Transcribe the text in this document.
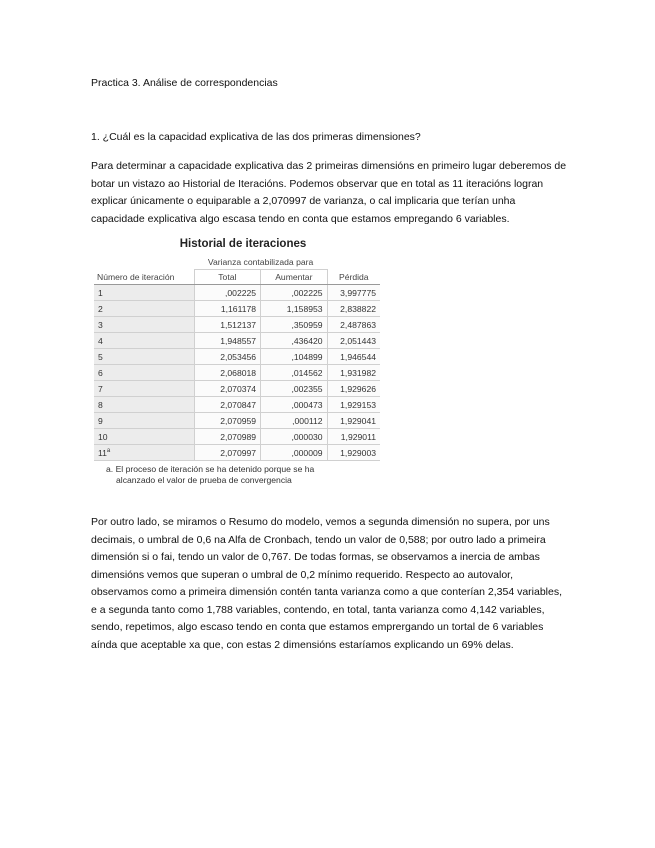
Practica 3. Análise de correspondencias
1. ¿Cuál es la capacidad explicativa de las dos primeras dimensiones?
Para determinar a capacidade explicativa das 2 primeiras dimensións en primeiro lugar deberemos de botar un vistazo ao Historial de Iteracións. Podemos observar que en total as 11 iteracións logran explicar únicamente o equiparable a 2,070997 de varianza, o cal implicaria que terían unha capacidade explicativa algo escasa tendo en conta que estamos empregando 6 variables.
Historial de iteraciones
	Varianza contabilizada para		
Número de iteración	Total	Aumentar	Pérdida
1	,002225	,002225	3,997775
2	1,161178	1,158953	2,838822
3	1,512137	,350959	2,487863
4	1,948557	,436420	2,051443
5	2,053456	,104899	1,946544
6	2,068018	,014562	1,931982
7	2,070374	,002355	1,929626
8	2,070847	,000473	1,929153
9	2,070959	,000112	1,929041
10	2,070989	,000030	1,929011
11$^a$	2,070997	,000009	1,929003
a. El proceso de iteración se ha detenido porque se ha
alcanzado el valor de prueba de convergencia
Por outro lado, se miramos o Resumo do modelo, vemos a segunda dimensión no supera, por uns decimais, o umbral de 0,6 na Alfa de Cronbach, tendo un valor de 0,588; por outro lado a primeira dimensión si o fai, tendo un valor de 0,767. De todas formas, se observamos a inercia de ambas dimensións vemos que superan o umbral de 0,2 mínimo requerido. Respecto ao autovalor, observamos como a primeira dimensión contén tanta varianza como a que conterían 2,354 variables, e a segunda tanto como 1,788 variables, contendo, en total, tanta varianza como 4,142 variables, sendo, repetimos, algo escaso tendo en conta que estamos emprergando un tortal de 6 variables aínda que aceptable xa que, con estas 2 dimensións estaríamos explicando un 69% delas.
